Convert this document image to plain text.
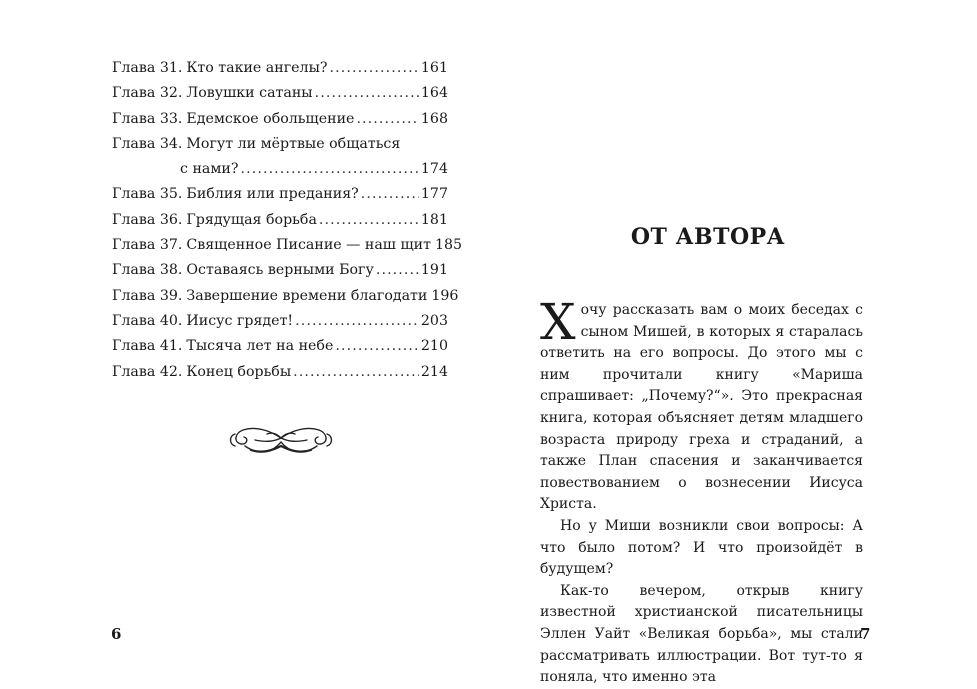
Глава 31. Кто такие ангелы? . . .	161
Глава 32. Ловушки сатаны . . .	164
Глава 33. Едемское обольщение . . .	168
Глава 34. Могут ли мёртвые общаться
с нами? . . .	174
Глава 35. Библия или предания? . . .	177
Глава 36. Грядущая борьба . . .	181
Глава 37. Священное Писание — наш щит 185
Глава 38. Оставаясь верными Богу . . .	191
Глава 39. Завершение времени благодати 196
Глава 40. Иисус грядет! . . .	203
Глава 41. Тысяча лет на небе . . .	210
Глава 42. Конец борьбы . . .	214
6
ОТ АВТОРА

Хочу рассказать вам о моих беседах с сыном Мишей, в которых я старалась ответить на его вопросы. До этого мы с ним прочитали книгу «Мариша спрашивает: „Почему?“». Это прекрасная книга, которая объясняет детям младшего возраста природу греха и страданий, а также План спасения и заканчивается повествованием о вознесении Иисуса Христа.

Но у Миши возникли свои вопросы: А что было потом? И что произойдёт в будущем?

Как-то вечером, открыв книгу известной христианской писательницы Эллен Уайт «Великая борьба», мы стали рассматривать иллюстрации. Вот тут-то я поняла, что именно эта

7
